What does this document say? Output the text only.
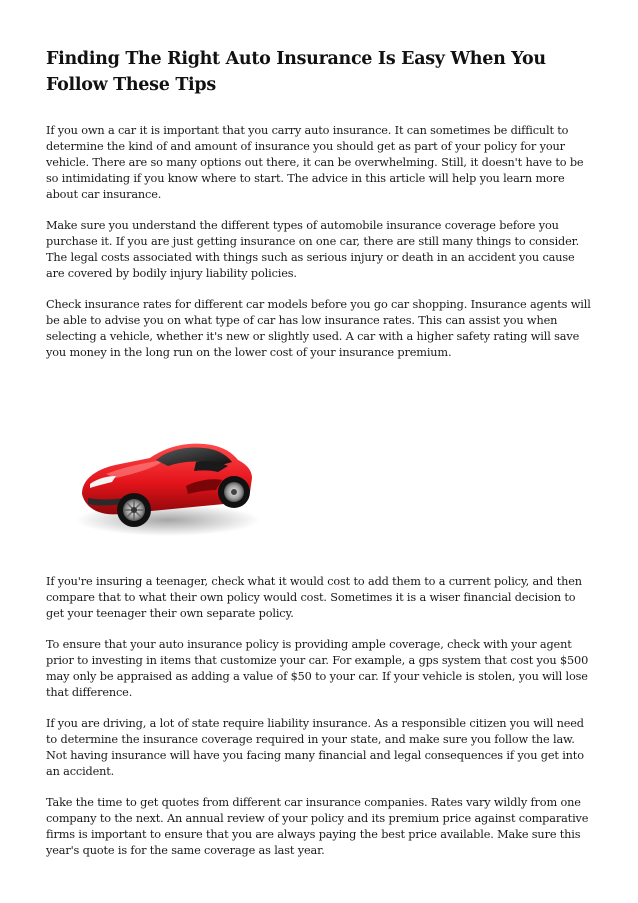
Finding The Right Auto Insurance Is Easy When You Follow These Tips

If you own a car it is important that you carry auto insurance. It can sometimes be difficult to determine the kind of and amount of insurance you should get as part of your policy for your vehicle. There are so many options out there, it can be overwhelming. Still, it doesn't have to be so intimidating if you know where to start. The advice in this article will help you learn more about car insurance.

Make sure you understand the different types of automobile insurance coverage before you purchase it. If you are just getting insurance on one car, there are still many things to consider. The legal costs associated with things such as serious injury or death in an accident you cause are covered by bodily injury liability policies.

Check insurance rates for different car models before you go car shopping. Insurance agents will be able to advise you on what type of car has low insurance rates. This can assist you when selecting a vehicle, whether it's new or slightly used. A car with a higher safety rating will save you money in the long run on the lower cost of your insurance premium.

If you're insuring a teenager, check what it would cost to add them to a current policy, and then compare that to what their own policy would cost. Sometimes it is a wiser financial decision to get your teenager their own separate policy.

To ensure that your auto insurance policy is providing ample coverage, check with your agent prior to investing in items that customize your car. For example, a gps system that cost you $500 may only be appraised as adding a value of $50 to your car. If your vehicle is stolen, you will lose that difference.

If you are driving, a lot of state require liability insurance. As a responsible citizen you will need to determine the insurance coverage required in your state, and make sure you follow the law. Not having insurance will have you facing many financial and legal consequences if you get into an accident.

Take the time to get quotes from different car insurance companies. Rates vary wildly from one company to the next. An annual review of your policy and its premium price against comparative firms is important to ensure that you are always paying the best price available. Make sure this year's quote is for the same coverage as last year.
